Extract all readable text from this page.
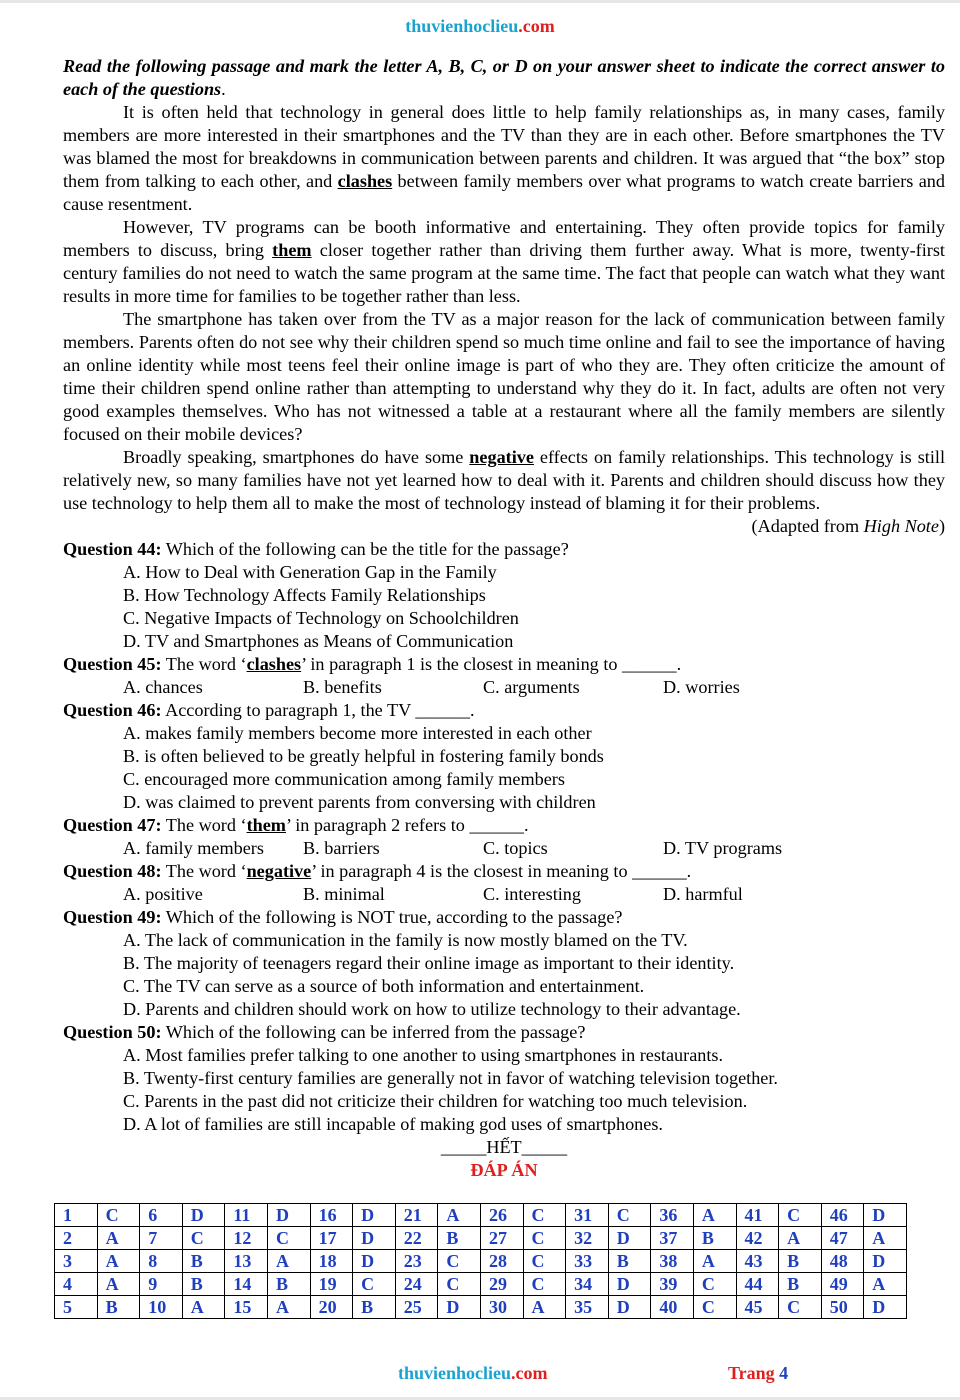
thuvienhoclieu.com
Read the following passage and mark the letter A, B, C, or D on your answer sheet to indicate the correct answer to each of the questions.

It is often held that technology in general does little to help family relationships as, in many cases, family members are more interested in their smartphones and the TV than they are in each other. Before smartphones the TV was blamed the most for breakdowns in communication between parents and children. It was argued that “the box” stop them from talking to each other, and clashes between family members over what programs to watch create barriers and cause resentment.

However, TV programs can be booth informative and entertaining. They often provide topics for family members to discuss, bring them closer together rather than driving them further away. What is more, twenty-first century families do not need to watch the same program at the same time. The fact that people can watch what they want results in more time for families to be together rather than less.

The smartphone has taken over from the TV as a major reason for the lack of communication between family members. Parents often do not see why their children spend so much time online and fail to see the importance of having an online identity while most teens feel their online image is part of who they are. They often criticize the amount of time their children spend online rather than attempting to understand why they do it. In fact, adults are often not very good examples themselves. Who has not witnessed a table at a restaurant where all the family members are silently focused on their mobile devices?

Broadly speaking, smartphones do have some negative effects on family relationships. This technology is still relatively new, so many families have not yet learned how to deal with it. Parents and children should discuss how they use technology to help them all to make the most of technology instead of blaming it for their problems.

(Adapted from High Note)
Question 44: Which of the following can be the title for the passage?
A. How to Deal with Generation Gap in the Family
B. How Technology Affects Family Relationships
C. Negative Impacts of Technology on Schoolchildren
D. TV and Smartphones as Means of Communication
Question 45: The word ‘clashes’ in paragraph 1 is the closest in meaning to ______.
A. chances	B. benefits	C. arguments	D. worries
Question 46: According to paragraph 1, the TV ______.
A. makes family members become more interested in each other
B. is often believed to be greatly helpful in fostering family bonds
C. encouraged more communication among family members
D. was claimed to prevent parents from conversing with children
Question 47: The word ‘them’ in paragraph 2 refers to ______.
A. family members	B. barriers	C. topics	D. TV programs
Question 48: The word ‘negative’ in paragraph 4 is the closest in meaning to ______.
A. positive	B. minimal	C. interesting	D. harmful
Question 49: Which of the following is NOT true, according to the passage?
A. The lack of communication in the family is now mostly blamed on the TV.
B. The majority of teenagers regard their online image as important to their identity.
C. The TV can serve as a source of both information and entertainment.
D. Parents and children should work on how to utilize technology to their advantage.
Question 50: Which of the following can be inferred from the passage?
A. Most families prefer talking to one another to using smartphones in restaurants.
B. Twenty-first century families are generally not in favor of watching television together.
C. Parents in the past did not criticize their children for watching too much television.
D. A lot of families are still incapable of making god uses of smartphones.
_____HẾT_____
ĐÁP ÁN
1	C	6	D	11	D	16	D	21	A	26	C	31	C	36	A	41	C	46	D
2	A	7	C	12	C	17	D	22	B	27	C	32	D	37	B	42	A	47	A
3	A	8	B	13	A	18	D	23	C	28	C	33	B	38	A	43	B	48	D
4	A	9	B	14	B	19	C	24	C	29	C	34	D	39	C	44	B	49	A
5	B	10	A	15	A	20	B	25	D	30	A	35	D	40	C	45	C	50	D
thuvienhoclieu.com	Trang 4
